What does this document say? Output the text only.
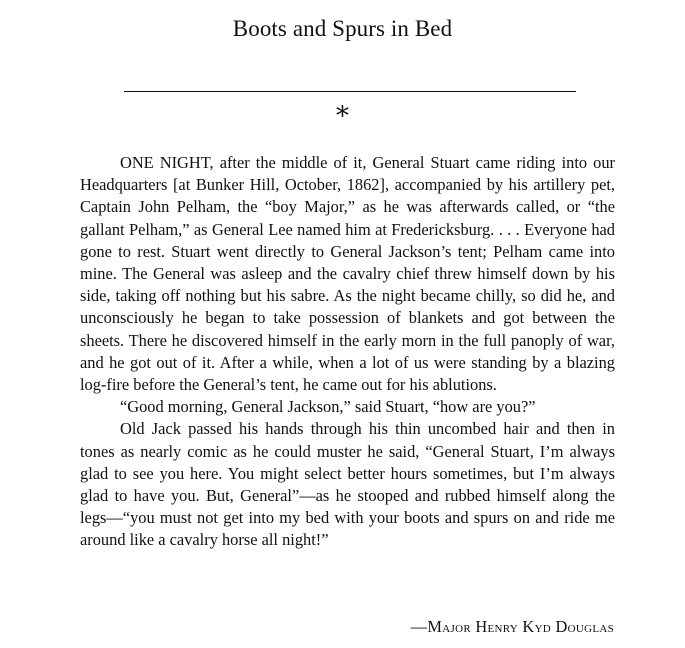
Boots and Spurs in Bed
∗

ONE NIGHT, after the middle of it, General Stuart came riding into our Headquarters [at Bunker Hill, October, 1862], accompanied by his artillery pet, Captain John Pelham, the “boy Major,” as he was afterwards called, or “the gallant Pelham,” as General Lee named him at Fredericksburg. . . . Everyone had gone to rest. Stuart went directly to General Jackson’s tent; Pelham came into mine. The General was asleep and the cavalry chief threw himself down by his side, taking off nothing but his sabre. As the night became chilly, so did he, and unconsciously he began to take possession of blankets and got between the sheets. There he discovered himself in the early morn in the full panoply of war, and he got out of it. After a while, when a lot of us were standing by a blazing log-fire before the General’s tent, he came out for his ablutions.

“Good morning, General Jackson,” said Stuart, “how are you?”

Old Jack passed his hands through his thin uncombed hair and then in tones as nearly comic as he could muster he said, “General Stuart, I’m always glad to see you here. You might select better hours sometimes, but I’m always glad to have you. But, General”—as he stooped and rubbed himself along the legs—“you must not get into my bed with your boots and spurs on and ride me around like a cavalry horse all night!”

—Major Henry Kyd Douglas
